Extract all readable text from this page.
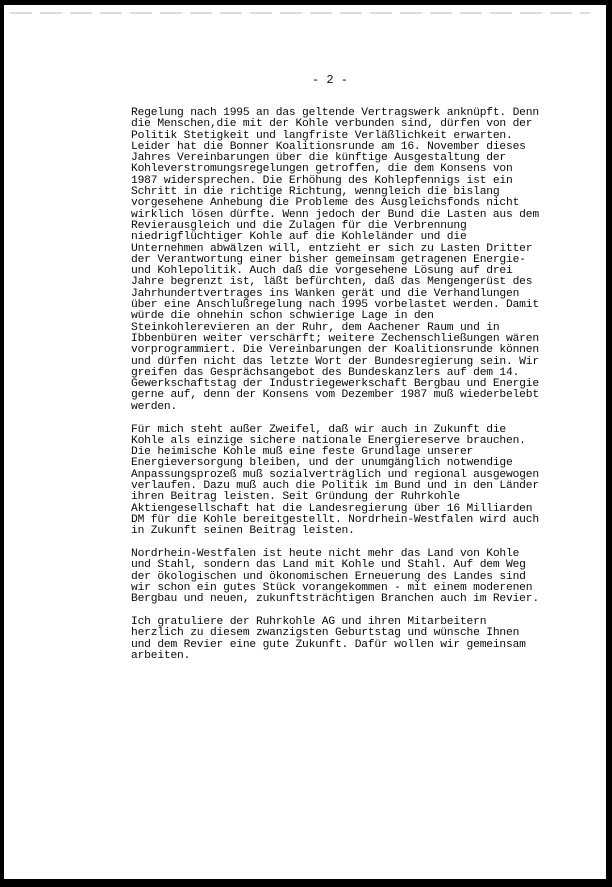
- 2 -
Regelung nach 1995 an das geltende Vertragswerk anknüpft. Denn
die Menschen,die mit der Kohle verbunden sind, dürfen von der
Politik Stetigkeit und langfriste Verläßlichkeit erwarten.
Leider hat die Bonner Koalitionsrunde am 16. November dieses
Jahres Vereinbarungen über die künftige Ausgestaltung der
Kohleverstromungsregelungen getroffen, die dem Konsens von
1987 widersprechen. Die Erhöhung des Kohlepfennigs ist ein
Schritt in die richtige Richtung, wenngleich die bislang
vorgesehene Anhebung die Probleme des Ausgleichsfonds nicht
wirklich lösen dürfte. Wenn jedoch der Bund die Lasten aus dem
Revierausgleich und die Zulagen für die Verbrennung
niedrigflüchtiger Kohle auf die Kohleländer und die
Unternehmen abwälzen will, entzieht er sich zu Lasten Dritter
der Verantwortung einer bisher gemeinsam getragenen Energie-
und Kohlepolitik. Auch daß die vorgesehene Lösung auf drei
Jahre begrenzt ist, läßt befürchten, daß das Mengengerüst des
Jahrhundertvertrages ins Wanken gerät und die Verhandlungen
über eine Anschlußregelung nach 1995 vorbelastet werden. Damit
würde die ohnehin schon schwierige Lage in den
Steinkohlerevieren an der Ruhr, dem Aachener Raum und in
Ibbenbüren weiter verschärft; weitere Zechenschließungen wären
vorprogrammiert. Die Vereinbarungen der Koalitionsrunde können
und dürfen nicht das letzte Wort der Bundesregierung sein. Wir
greifen das Gesprächsangebot des Bundeskanzlers auf dem 14.
Gewerkschaftstag der Industriegewerkschaft Bergbau und Energie
gerne auf, denn der Konsens vom Dezember 1987 muß wiederbelebt
werden.
Für mich steht außer Zweifel, daß wir auch in Zukunft die
Kohle als einzige sichere nationale Energiereserve brauchen.
Die heimische Kohle muß eine feste Grundlage unserer
Energieversorgung bleiben, und der unumgänglich notwendige
Anpassungsprozeß muß sozialverträglich und regional ausgewogen
verlaufen. Dazu muß auch die Politik im Bund und in den Länder
ihren Beitrag leisten. Seit Gründung der Ruhrkohle
Aktiengesellschaft hat die Landesregierung über 16 Milliarden
DM für die Kohle bereitgestellt. Nordrhein-Westfalen wird auch
in Zukunft seinen Beitrag leisten.
Nordrhein-Westfalen ist heute nicht mehr das Land von Kohle
und Stahl, sondern das Land mit Kohle und Stahl. Auf dem Weg
der ökologischen und ökonomischen Erneuerung des Landes sind
wir schon ein gutes Stück vorangekommen - mit einem moderenen
Bergbau und neuen, zukunftsträchtigen Branchen auch im Revier.
Ich gratuliere der Ruhrkohle AG und ihren Mitarbeitern
herzlich zu diesem zwanzigsten Geburtstag und wünsche Ihnen
und dem Revier eine gute Zukunft. Dafür wollen wir gemeinsam
arbeiten.
